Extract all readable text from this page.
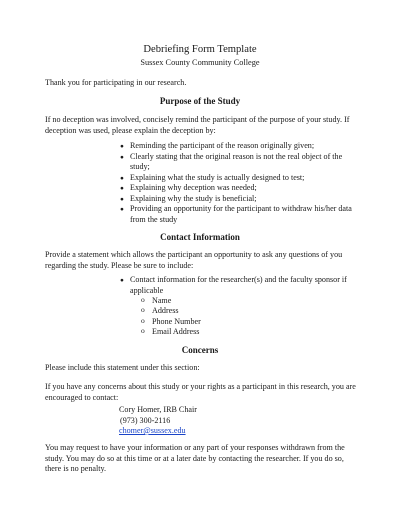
Debriefing Form Template
Sussex County Community College
Thank you for participating in our research.
Purpose of the Study
If no deception was involved, concisely remind the participant of the purpose of your study. If
deception was used, please explain the deception by:
● Reminding the participant of the reason originally given;
● Clearly stating that the original reason is not the real object of the
study;
● Explaining what the study is actually designed to test;
● Explaining why deception was needed;
● Explaining why the study is beneficial;
● Providing an opportunity for the participant to withdraw his/her data
from the study
Contact Information
Provide a statement which allows the participant an opportunity to ask any questions of you
regarding the study. Please be sure to include:
● Contact information for the researcher(s) and the faculty sponsor if
applicable
o Name
o Address
o Phone Number
o Email Address
Concerns
Please include this statement under this section:
If you have any concerns about this study or your rights as a participant in this research, you are
encouraged to contact:
Cory Homer, IRB Chair
(973) 300-2116
chomer@sussex.edu
You may request to have your information or any part of your responses withdrawn from the
study. You may do so at this time or at a later date by contacting the researcher. If you do so,
there is no penalty.
